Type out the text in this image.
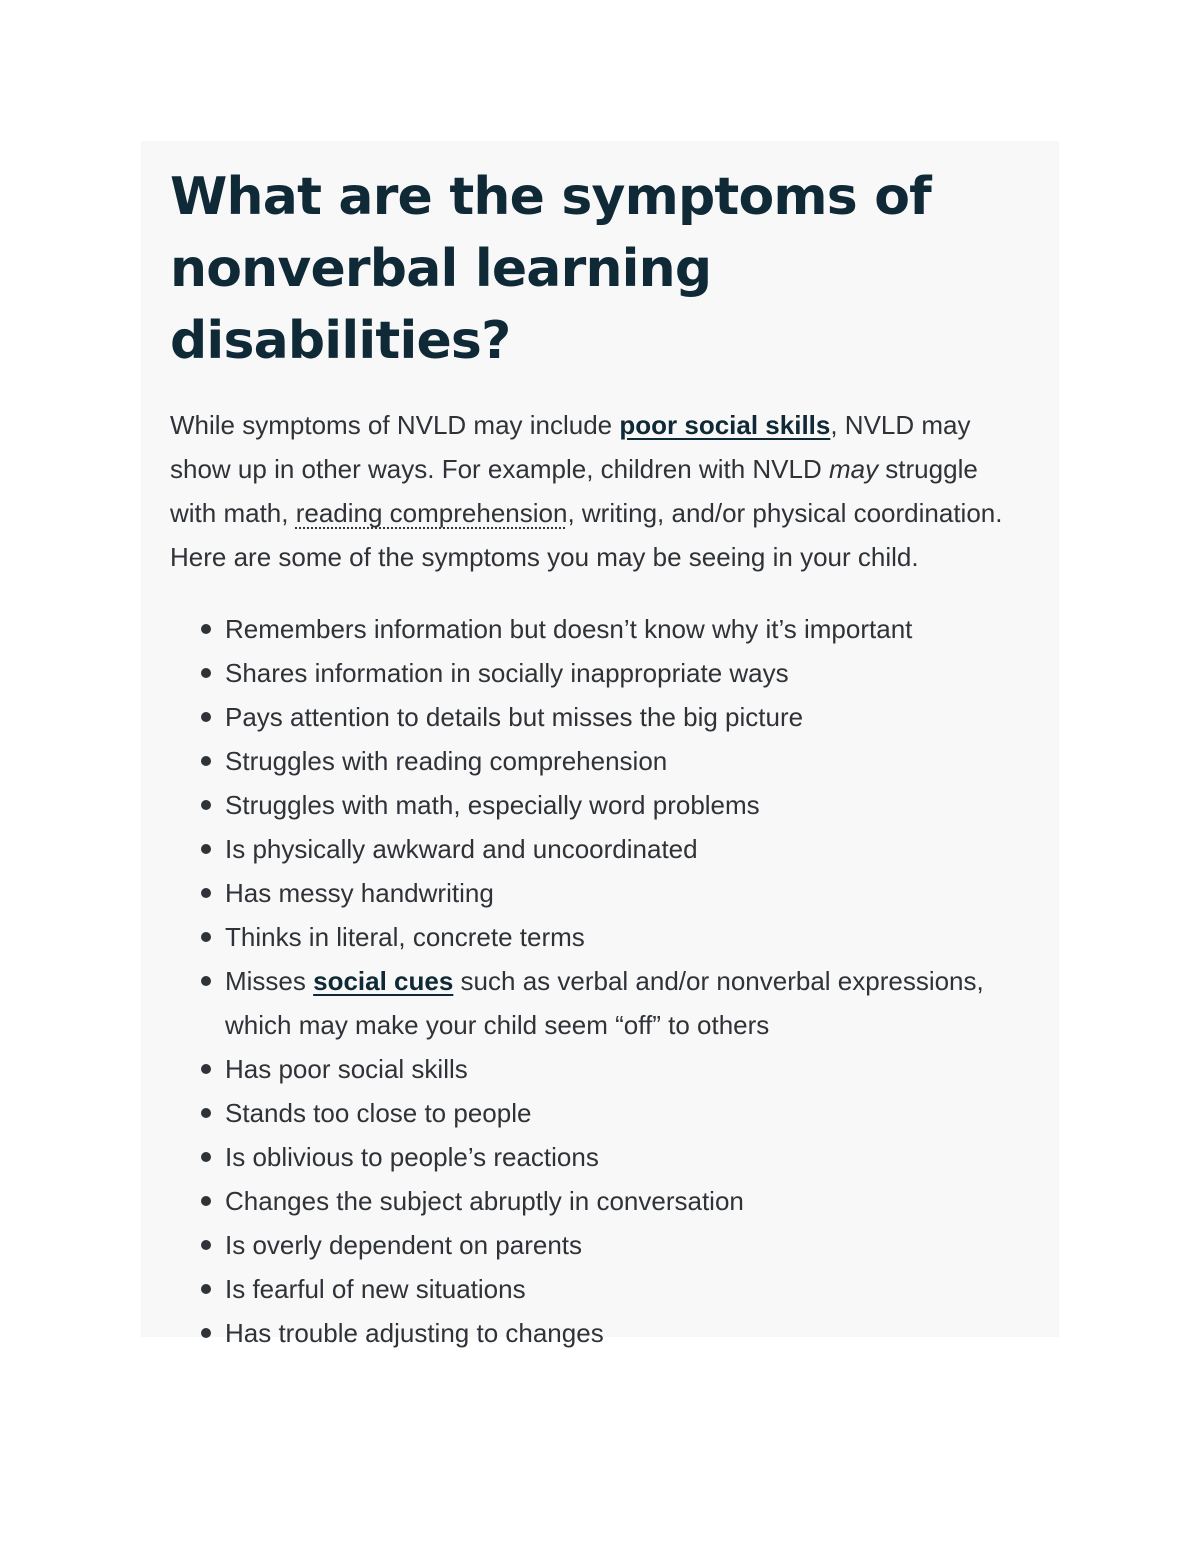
What are the symptoms of nonverbal learning disabilities?

While symptoms of NVLD may include poor social skills, NVLD may show up in other ways. For example, children with NVLD may struggle with math, reading comprehension, writing, and/or physical coordination. Here are some of the symptoms you may be seeing in your child.

Remembers information but doesn’t know why it’s important
Shares information in socially inappropriate ways
Pays attention to details but misses the big picture
Struggles with reading comprehension
Struggles with math, especially word problems
Is physically awkward and uncoordinated
Has messy handwriting
Thinks in literal, concrete terms
Misses social cues such as verbal and/or nonverbal expressions, which may make your child seem “off” to others
Has poor social skills
Stands too close to people
Is oblivious to people’s reactions
Changes the subject abruptly in conversation
Is overly dependent on parents
Is fearful of new situations
Has trouble adjusting to changes
